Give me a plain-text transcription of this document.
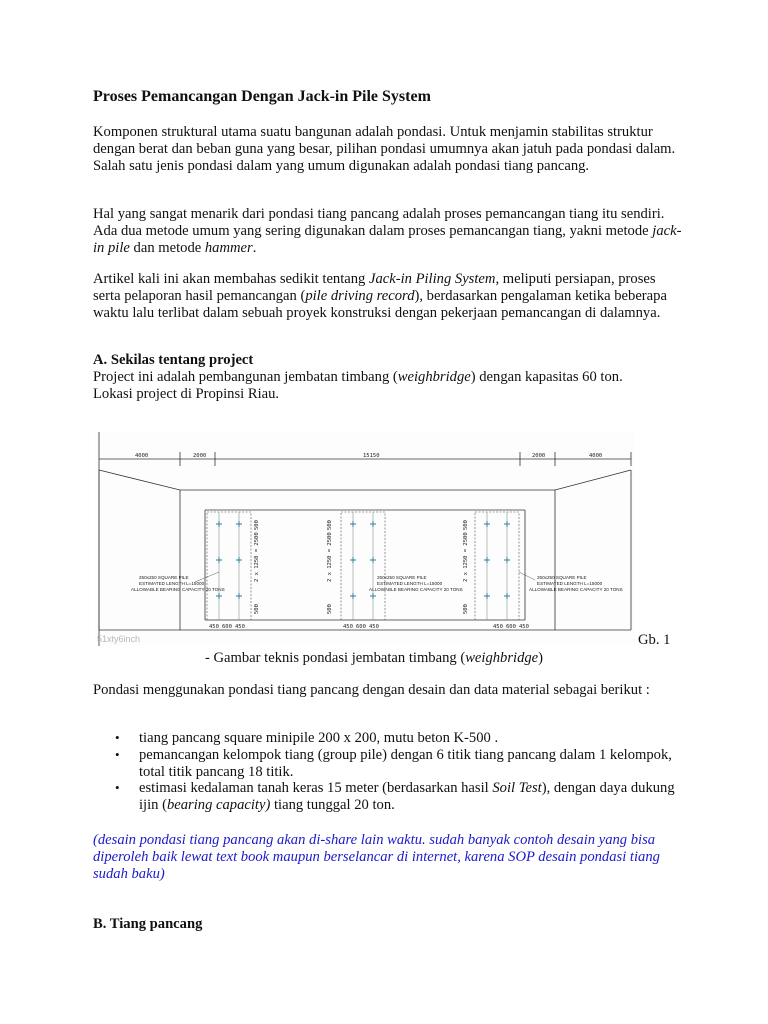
Proses Pemancangan Dengan Jack-in Pile System

Komponen struktural utama suatu bangunan adalah pondasi. Untuk menjamin stabilitas struktur dengan berat dan beban guna yang besar, pilihan pondasi umumnya akan jatuh pada pondasi dalam. Salah satu jenis pondasi dalam yang umum digunakan adalah pondasi tiang pancang.

Hal yang sangat menarik dari pondasi tiang pancang adalah proses pemancangan tiang itu sendiri. Ada dua metode umum yang sering digunakan dalam proses pemancangan tiang, yakni metode jack-in pile dan metode hammer.

Artikel kali ini akan membahas sedikit tentang Jack-in Piling System, meliputi persiapan, proses serta pelaporan hasil pemancangan (pile driving record), berdasarkan pengalaman ketika beberapa waktu lalu terlibat dalam sebuah proyek konstruksi dengan pekerjaan pemancangan di dalamnya.

A. Sekilas tentang project
Project ini adalah pembangunan jembatan timbang (weighbridge) dengan kapasitas 60 ton.
Lokasi project di Propinsi Riau.

Pondasi menggunakan pondasi tiang pancang dengan desain dan data material sebagai berikut :

• tiang pancang square minipile 200 x 200, mutu beton K-500 .
• pemancangan kelompok tiang (group pile) dengan 6 titik tiang pancang dalam 1 kelompok, total titik pancang 18 titik.
• estimasi kedalaman tanah keras 15 meter (berdasarkan hasil Soil Test), dengan daya dukung ijin (bearing capacity) tiang tunggal 20 ton.

(desain pondasi tiang pancang akan di-share lain waktu. sudah banyak contoh desain yang bisa diperoleh baik lewat text book maupun berselancar di internet, karena SOP desain pondasi tiang sudah baku)

B. Tiang pancang
4000	2000	15150	2000	4000
2 x 1250 = 2500
500
500
2 x 1250 = 2500
500
500
2 x 1250 = 2500
500
500
250x250 SQUARE PILE
ESTIMATED LENGTH L=15000
ALLOWABLE BEARING CAPACITY 20 TONS
250x250 SQUARE PILE
ESTIMATED LENGTH L=15000
ALLOWABLE BEARING CAPACITY 20 TONS
250x250 SQUARE PILE
ESTIMATED LENGTH L=15000
ALLOWABLE BEARING CAPACITY 20 TONS
450 600 450	450 600 450	450 600 450
51xty6inch	Gb. 1
- Gambar teknis pondasi jembatan timbang (weighbridge)
